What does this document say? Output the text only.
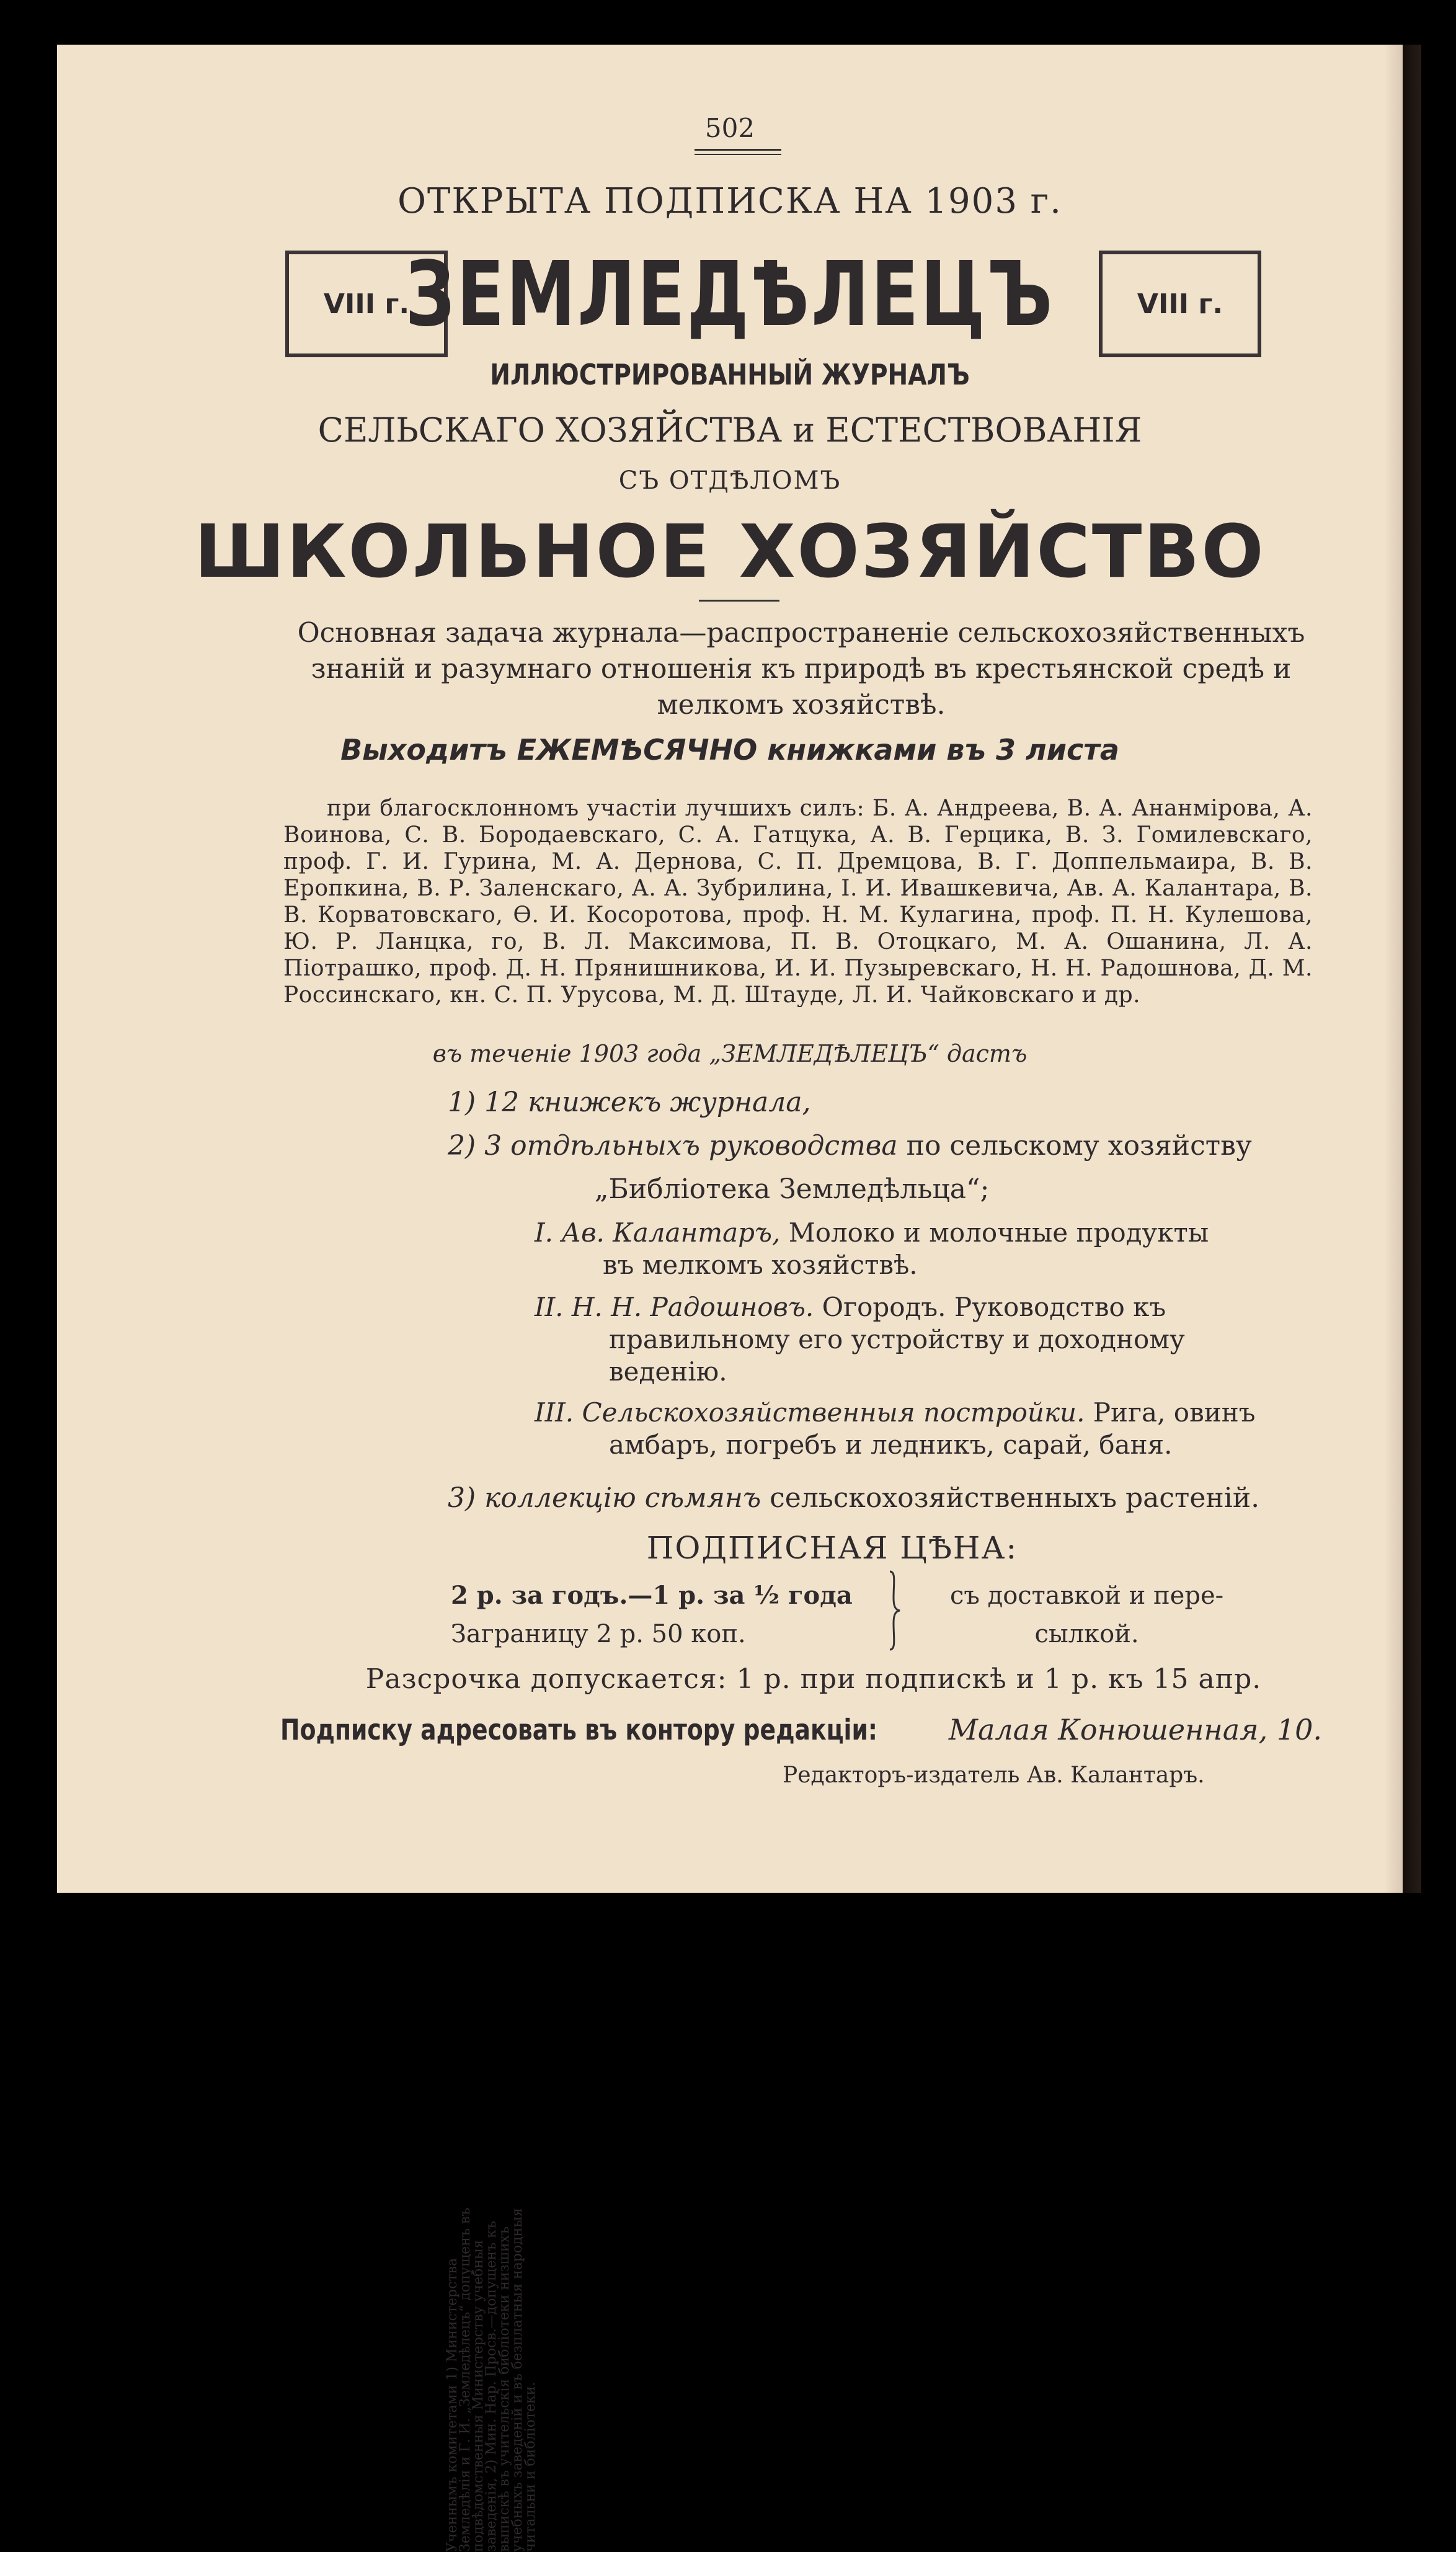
502
ОТКРЫТА ПОДПИСКА НА 1903 г.
VIII г.	VIII г.
ЗЕМЛЕДѢЛЕЦЪ
ИЛЛЮСТРИРОВАННЫЙ ЖУРНАЛЪ
СЕЛЬСКАГО ХОЗЯЙСТВА и ЕСТЕСТВОВАНІЯ
СЪ ОТДѢЛОМЪ
ШКОЛЬНОЕ ХОЗЯЙСТВО
Основная задача журнала—распространеніе сельскохозяйственныхъ знаній и разумнаго отношенія къ природѣ въ крестьянской средѣ и мелкомъ хозяйствѣ.
Выходитъ ЕЖЕМѢСЯЧНО книжками въ 3 листа
при благосклонномъ участіи лучшихъ силъ: Б. А. Андреева, В. А. Ананмірова, А. Воинова, С. В. Бородаевскаго, С. А. Гатцука, А. В. Герцика, В. З. Гомилевскаго, проф. Г. И. Гурина, М. А. Дернова, С. П. Дремцова, В. Г. Доппельмаира, В. В. Еропкина, В. Р. Заленскаго, А. А. Зубрилина, І. И. Ивашкевича, Ав. А. Калантара, В. В. Корватовскаго, Ѳ. И. Косоротова, проф. Н. М. Кулагина, проф. П. Н. Кулешова, Ю. Р. Ланцка, го, В. Л. Максимова, П. В. Отоцкаго, М. А. Ошанина, Л. А. Піотрашко, проф. Д. Н. Прянишникова, И. И. Пузыревскаго, Н. Н. Радошнова, Д. М. Россинскаго, кн. С. П. Урусова, М. Д. Штауде, Л. И. Чайковскаго и др.
въ теченіе 1903 года „ЗЕМЛЕДѢЛЕЦЪ“ дастъ
Ученнымъ комитетами 1) Министерства Земледѣлія и Г. И. „Земледѣлецъ“ допущенъ въ подвѣдомственныя Министерству учебныя заведенія, 2) Мин. Нар. Просв.—допущенъ къ выпискѣ въ учительскія библіотеки низшихъ учебныхъ заведеній и въ безплатныя народныя читальни и библіотеки.
1) 12 книжекъ журнала,
2) 3 отдѣльныхъ руководства по сельскому хозяйству
„Библіотека Земледѣльца“;
I. Ав. Калантаръ, Молоко и молочные продукты
въ мелкомъ хозяйствѣ.
II. Н. Н. Радошновъ. Огородъ. Руководство къ
правильному его устройству и доходному
веденію.
III. Сельскохозяйственныя постройки. Рига, овинъ
амбаръ, погребъ и ледникъ, сарай, баня.
3) коллекцію сѣмянъ сельскохозяйственныхъ растеній.
ПОДПИСНАЯ ЦѢНА:
2 р. за годъ.—1 р. за ½ года
Заграницу 2 р. 50 коп.
съ доставкой и пере-
сылкой.
Разсрочка допускается: 1 р. при подпискѣ и 1 р. къ 15 апр.
Подписку адресовать въ контору редакціи: Малая Конюшенная, 10.
Редакторъ-издатель Ав. Калантаръ.
